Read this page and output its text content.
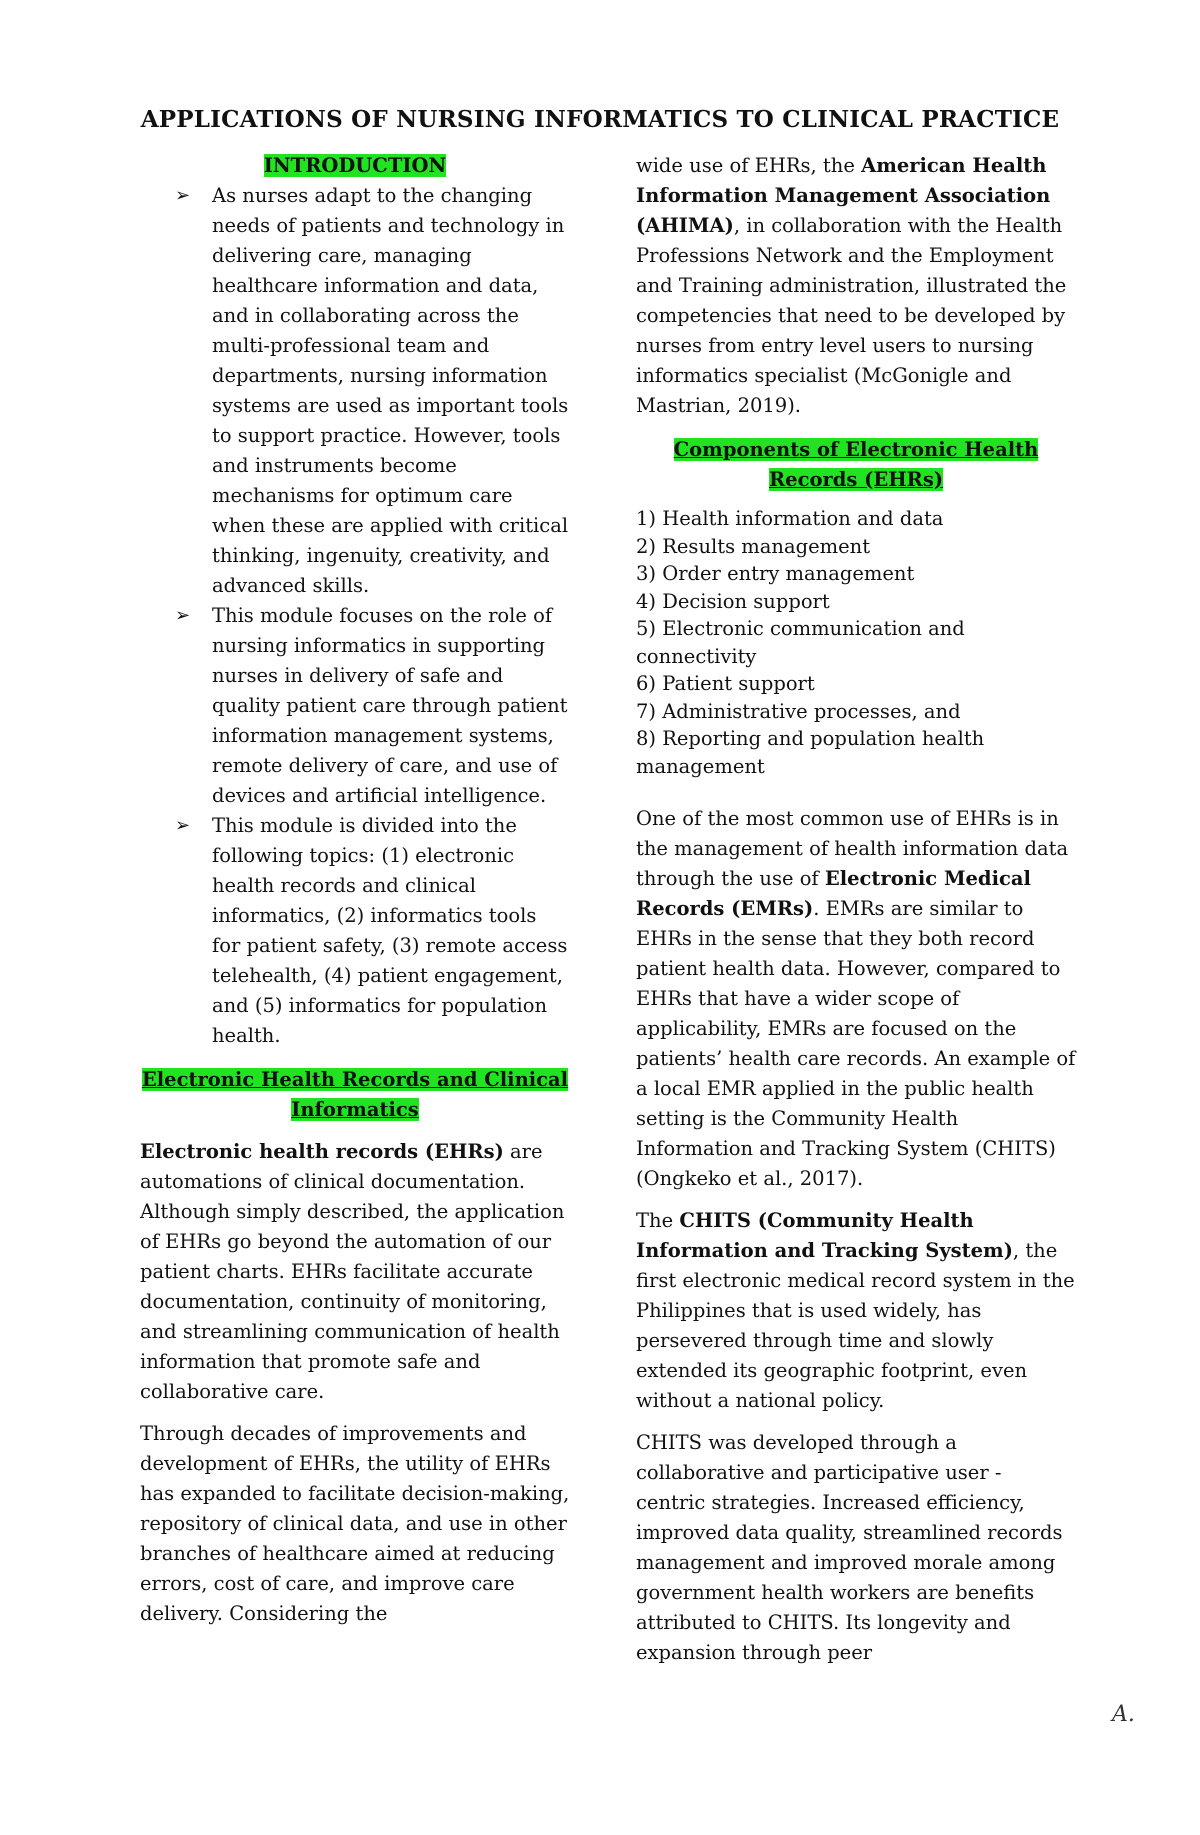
APPLICATIONS OF NURSING INFORMATICS TO CLINICAL PRACTICE

INTRODUCTION

➢ As nurses adapt to the changing needs of patients and technology in delivering care, managing healthcare information and data, and in collaborating across the multi-professional team and departments, nursing information systems are used as important tools to support practice. However, tools and instruments become mechanisms for optimum care when these are applied with critical thinking, ingenuity, creativity, and advanced skills.
➢ This module focuses on the role of nursing informatics in supporting nurses in delivery of safe and quality patient care through patient information management systems, remote delivery of care, and use of devices and artificial intelligence.
➢ This module is divided into the following topics: (1) electronic health records and clinical informatics, (2) informatics tools for patient safety, (3) remote access telehealth, (4) patient engagement, and (5) informatics for population health.

Electronic Health Records and Clinical Informatics

Electronic health records (EHRs) are automations of clinical documentation. Although simply described, the application of EHRs go beyond the automation of our patient charts. EHRs facilitate accurate documentation, continuity of monitoring, and streamlining communication of health information that promote safe and collaborative care.

Through decades of improvements and development of EHRs, the utility of EHRs has expanded to facilitate decision-making, repository of clinical data, and use in other branches of healthcare aimed at reducing errors, cost of care, and improve care delivery. Considering the

wide use of EHRs, the American Health Information Management Association (AHIMA), in collaboration with the Health Professions Network and the Employment and Training administration, illustrated the competencies that need to be developed by nurses from entry level users to nursing informatics specialist (McGonigle and Mastrian, 2019).

Components of Electronic Health Records (EHRs)

1) Health information and data
2) Results management
3) Order entry management
4) Decision support
5) Electronic communication and connectivity
6) Patient support
7) Administrative processes, and
8) Reporting and population health management

One of the most common use of EHRs is in the management of health information data through the use of Electronic Medical Records (EMRs). EMRs are similar to EHRs in the sense that they both record patient health data. However, compared to EHRs that have a wider scope of applicability, EMRs are focused on the patients’ health care records. An example of a local EMR applied in the public health setting is the Community Health Information and Tracking System (CHITS) (Ongkeko et al., 2017).

The CHITS (Community Health Information and Tracking System), the first electronic medical record system in the Philippines that is used widely, has persevered through time and slowly extended its geographic footprint, even without a national policy.

CHITS was developed through a collaborative and participative user - centric strategies. Increased efficiency, improved data quality, streamlined records management and improved morale among government health workers are benefits attributed to CHITS. Its longevity and expansion through peer

A.
